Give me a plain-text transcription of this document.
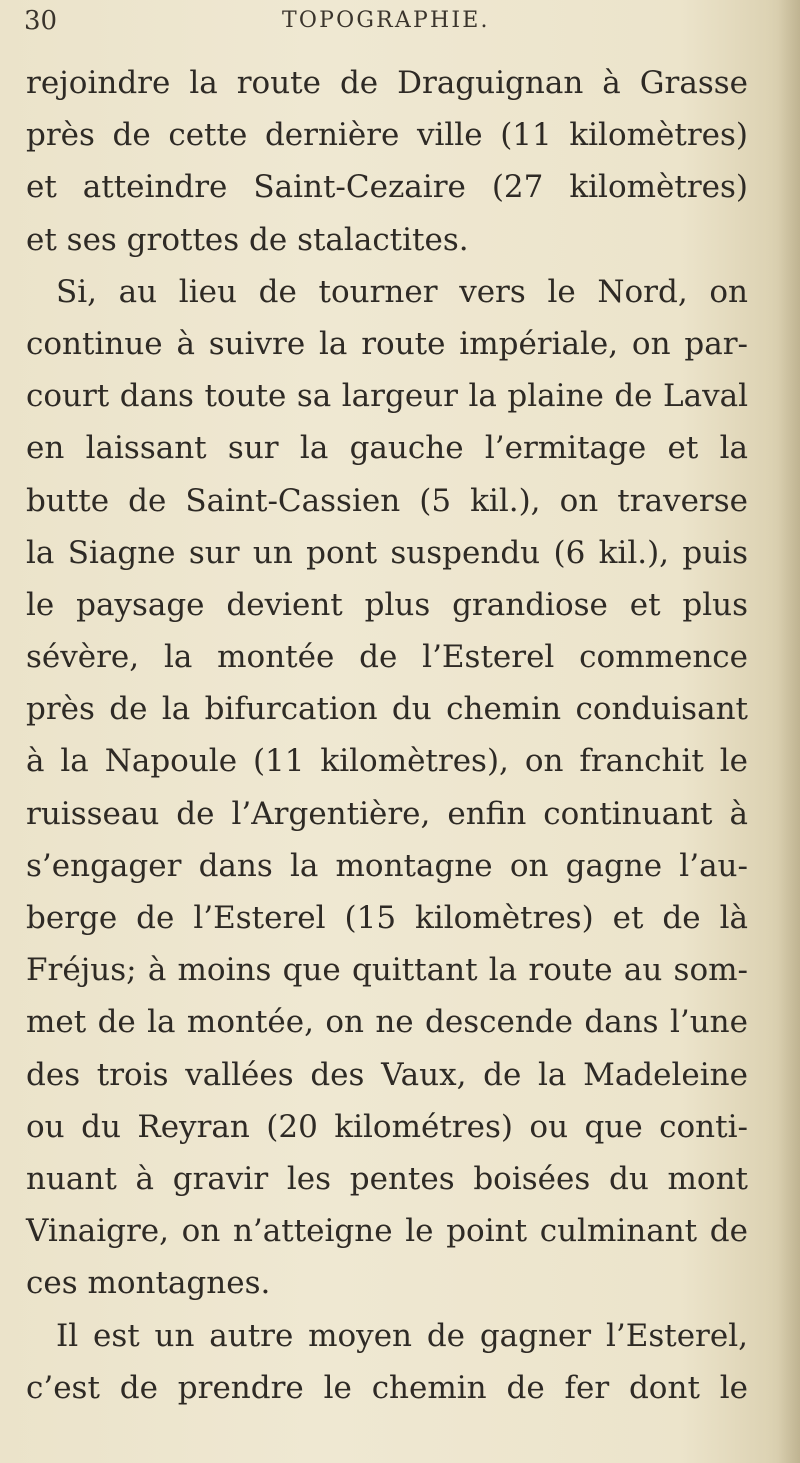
30	TOPOGRAPHIE.
rejoindre la route de Draguignan à Grasse
près de cette dernière ville (11 kilomètres)
et atteindre Saint-Cezaire (27 kilomètres)
et ses grottes de stalactites.
Si, au lieu de tourner vers le Nord, on
continue à suivre la route impériale, on par-
court dans toute sa largeur la plaine de Laval
en laissant sur la gauche l’ermitage et la
butte de Saint-Cassien (5 kil.), on traverse
la Siagne sur un pont suspendu (6 kil.), puis
le paysage devient plus grandiose et plus
sévère, la montée de l’Esterel commence
près de la bifurcation du chemin conduisant
à la Napoule (11 kilomètres), on franchit le
ruisseau de l’Argentière, enfin continuant à
s’engager dans la montagne on gagne l’au-
berge de l’Esterel (15 kilomètres) et de là
Fréjus; à moins que quittant la route au som-
met de la montée, on ne descende dans l’une
des trois vallées des Vaux, de la Madeleine
ou du Reyran (20 kilométres) ou que conti-
nuant à gravir les pentes boisées du mont
Vinaigre, on n’atteigne le point culminant de
ces montagnes.
Il est un autre moyen de gagner l’Esterel,
c’est de prendre le chemin de fer dont le
